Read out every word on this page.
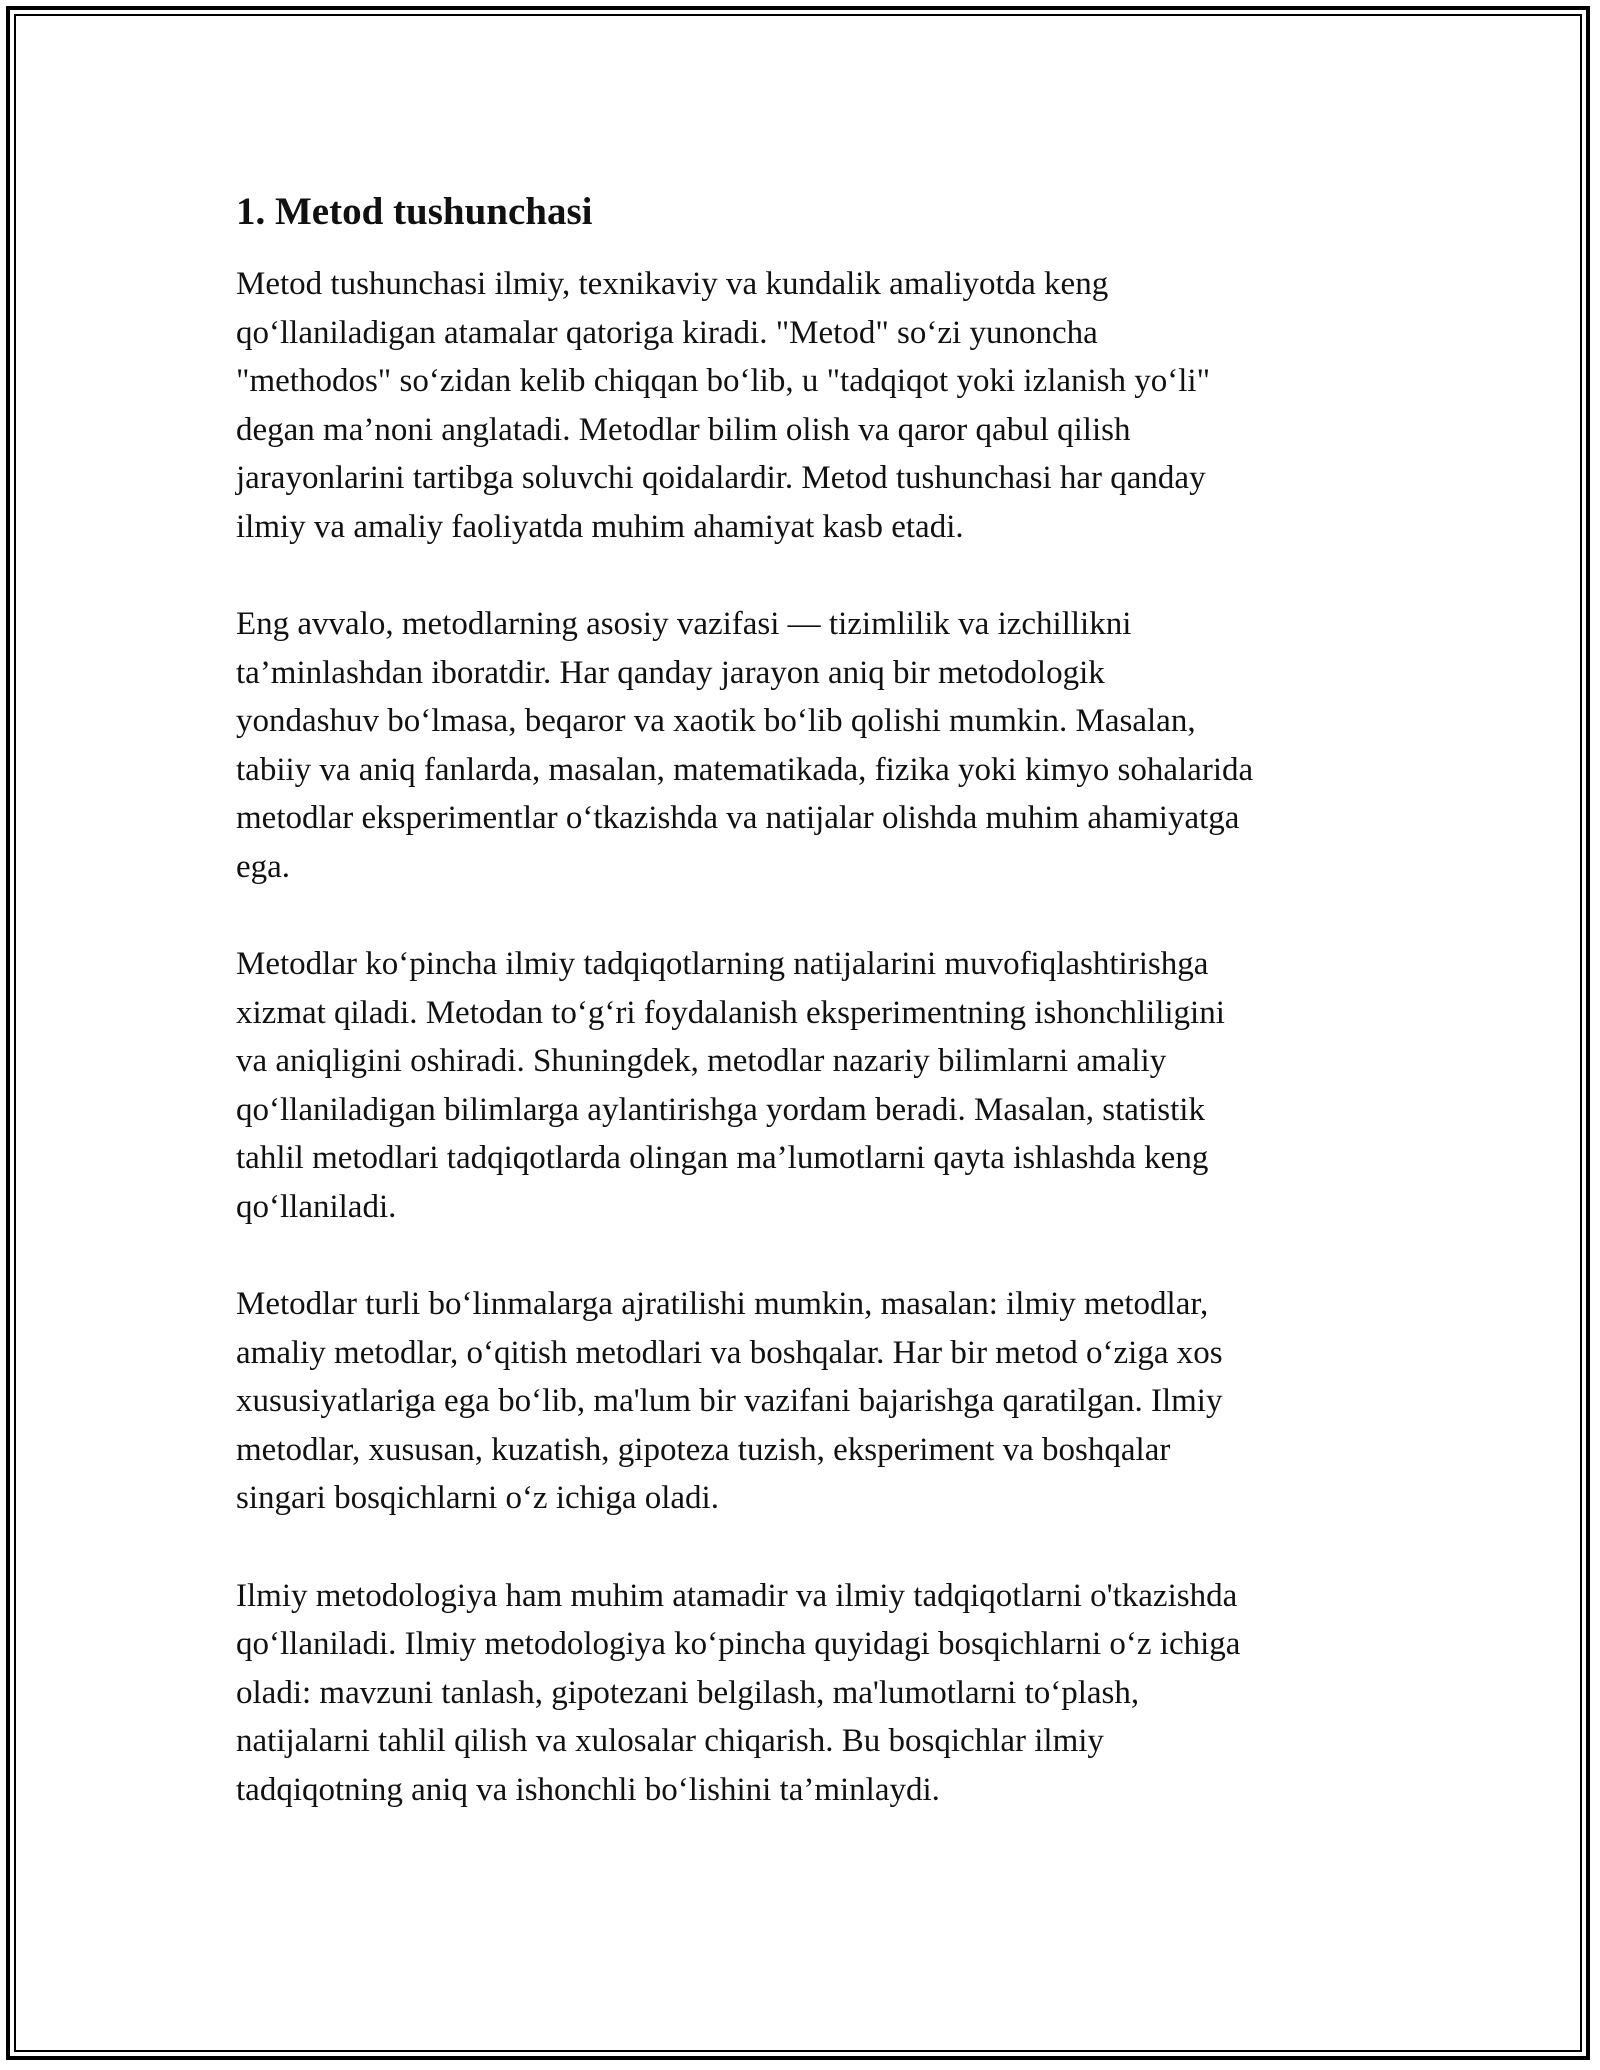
1. Metod tushunchasi

Metod tushunchasi ilmiy, texnikaviy va kundalik amaliyotda keng
qo‘llaniladigan atamalar qatoriga kiradi. "Metod" so‘zi yunoncha
"methodos" so‘zidan kelib chiqqan bo‘lib, u "tadqiqot yoki izlanish yo‘li"
degan ma’noni anglatadi. Metodlar bilim olish va qaror qabul qilish
jarayonlarini tartibga soluvchi qoidalardir. Metod tushunchasi har qanday
ilmiy va amaliy faoliyatda muhim ahamiyat kasb etadi.

Eng avvalo, metodlarning asosiy vazifasi — tizimlilik va izchillikni
ta’minlashdan iboratdir. Har qanday jarayon aniq bir metodologik
yondashuv bo‘lmasa, beqaror va xaotik bo‘lib qolishi mumkin. Masalan,
tabiiy va aniq fanlarda, masalan, matematikada, fizika yoki kimyo sohalarida
metodlar eksperimentlar o‘tkazishda va natijalar olishda muhim ahamiyatga
ega.

Metodlar ko‘pincha ilmiy tadqiqotlarning natijalarini muvofiqlashtirishga
xizmat qiladi. Metodan to‘g‘ri foydalanish eksperimentning ishonchliligini
va aniqligini oshiradi. Shuningdek, metodlar nazariy bilimlarni amaliy
qo‘llaniladigan bilimlarga aylantirishga yordam beradi. Masalan, statistik
tahlil metodlari tadqiqotlarda olingan ma’lumotlarni qayta ishlashda keng
qo‘llaniladi.

Metodlar turli bo‘linmalarga ajratilishi mumkin, masalan: ilmiy metodlar,
amaliy metodlar, o‘qitish metodlari va boshqalar. Har bir metod o‘ziga xos
xususiyatlariga ega bo‘lib, ma'lum bir vazifani bajarishga qaratilgan. Ilmiy
metodlar, xususan, kuzatish, gipoteza tuzish, eksperiment va boshqalar
singari bosqichlarni o‘z ichiga oladi.

Ilmiy metodologiya ham muhim atamadir va ilmiy tadqiqotlarni o'tkazishda
qo‘llaniladi. Ilmiy metodologiya ko‘pincha quyidagi bosqichlarni o‘z ichiga
oladi: mavzuni tanlash, gipotezani belgilash, ma'lumotlarni to‘plash,
natijalarni tahlil qilish va xulosalar chiqarish. Bu bosqichlar ilmiy
tadqiqotning aniq va ishonchli bo‘lishini ta’minlaydi.
